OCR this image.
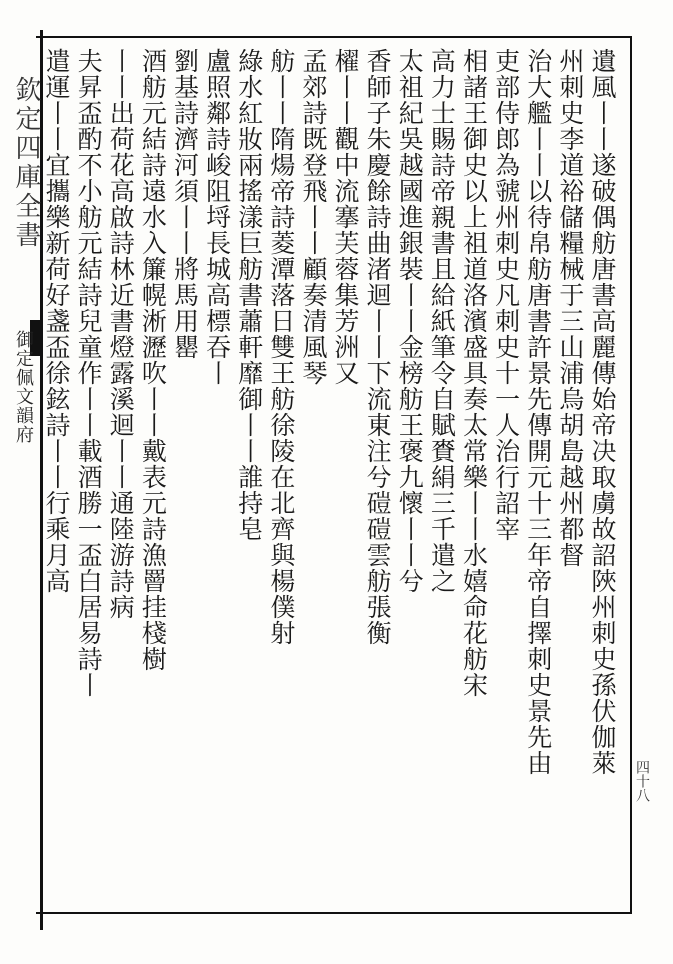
欽定四庫全書
御定佩文韻府	遺風丨丨遂破偶舫唐書高麗傳始帝决取虜故詔陜州刺史孫伏伽萊
州刺史李道裕儲糧械于三山浦烏胡島越州都督
治大艦丨丨以待帛舫唐書許景先傳開元十三年帝自擇刺史景先由
吏部侍郎為虢州刺史凡刺史十一人治行詔宰
相諸王御史以上祖道洛濱盛具奏太常樂丨丨水嬉命花舫宋
高力士賜詩帝親書且給紙筆令自賦賚絹三千遣之
太祖紀吳越國進銀裝丨丨金榜舫王褒九懷丨丨兮
香師子朱慶餘詩曲渚迴丨丨下流東注兮磑磑雲舫張衡
櫂丨丨觀中流搴芙蓉集芳洲又
孟郊詩既登飛丨丨顧奏清風琴
舫丨丨隋煬帝詩菱潭落日雙王舫徐陵在北齊與楊僕射
綠水紅妝兩搖漾巨舫書蕭軒靡御丨丨誰持皂
盧照鄰詩峻阻埒長城高標吞丨
劉基詩濟河須丨丨將馬用罌
酒舫元結詩遠水入簾幌淅瀝吹丨丨戴表元詩漁罾挂棧樹
丨丨出荷花高啟詩林近書燈露溪迴丨丨通陸游詩病
夫昇盃酌不小舫元結詩兒童作丨丨載酒勝一盃白居易詩丨
遣運丨丨宜攜樂新荷好盞盃徐鉉詩丨丨行乘月高
四十八
